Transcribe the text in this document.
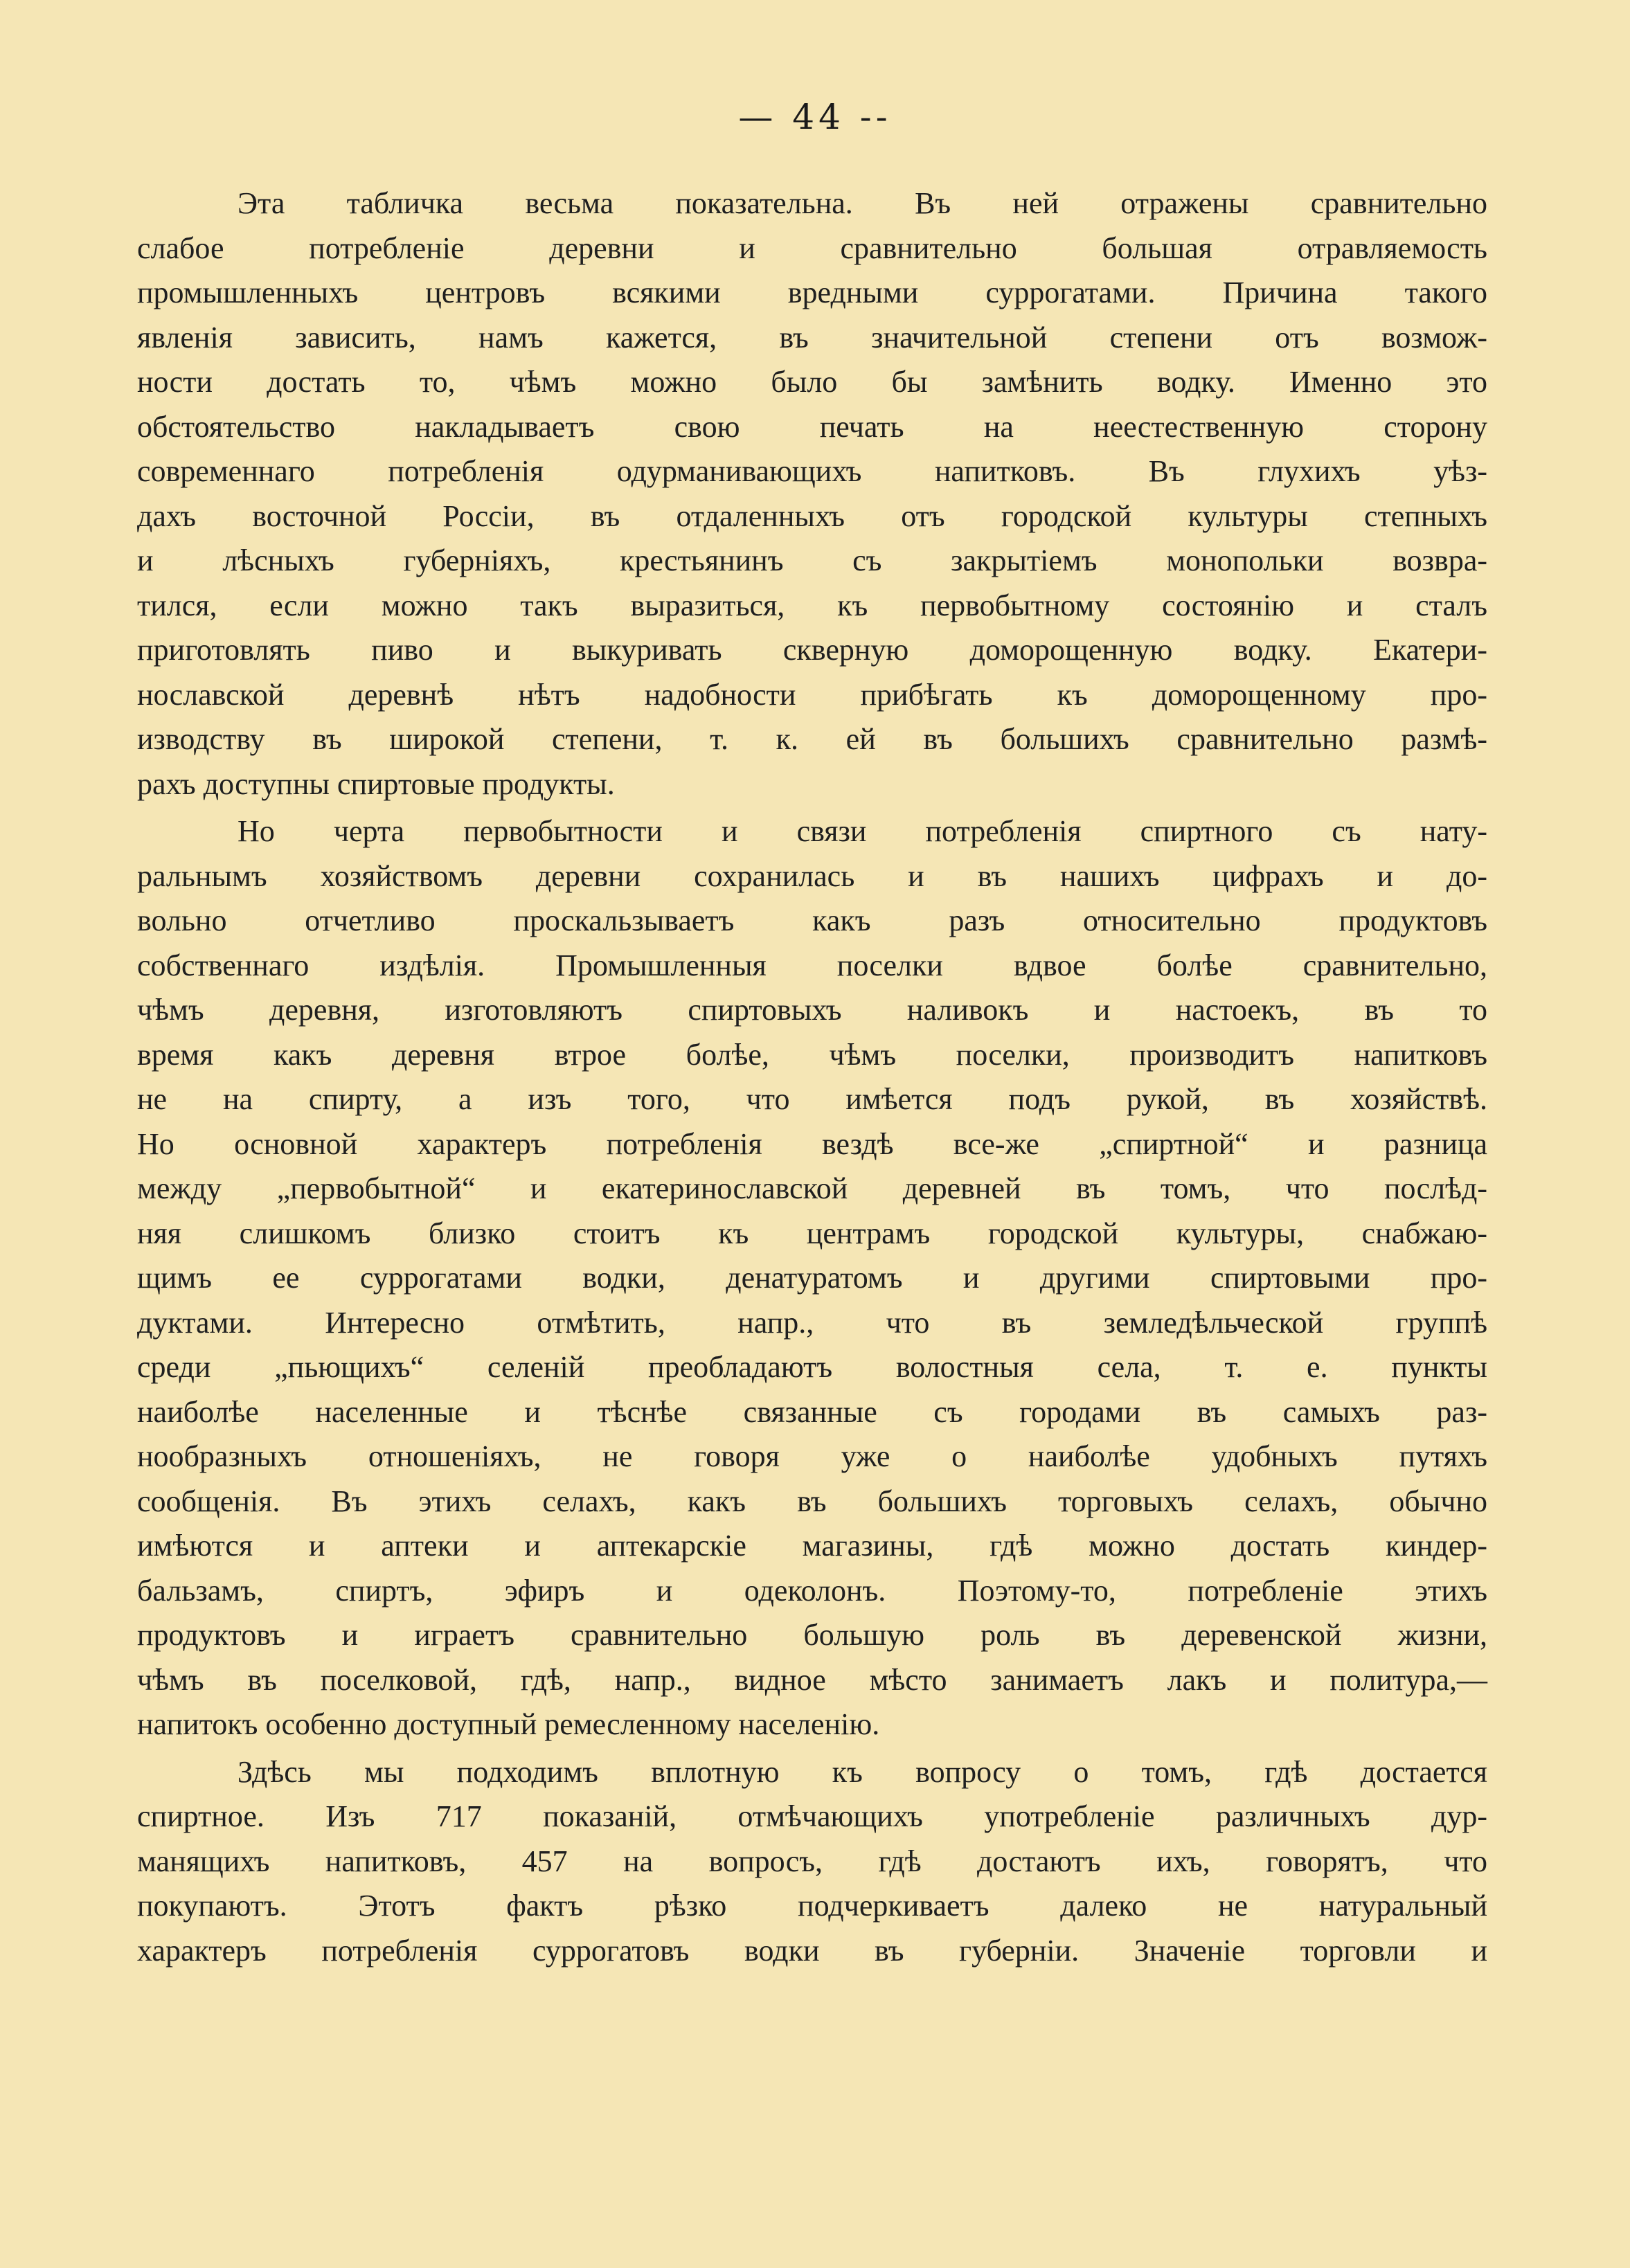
— 44 --
Эта табличка весьма показательна. Въ ней отражены сравнительно
слабое потребленіе деревни и сравнительно большая отравляемость
промышленныхъ центровъ всякими вредными суррогатами. Причина такого
явленія зависить, намъ кажется, въ значительной степени отъ возмож-
ности достать то, чѣмъ можно было бы замѣнить водку. Именно это
обстоятельство накладываетъ свою печать на неестественную сторону
современнаго потребленія одурманивающихъ напитковъ. Въ глухихъ уѣз-
дахъ восточной Россіи, въ отдаленныхъ отъ городской культуры степныхъ
и лѣсныхъ губерніяхъ, крестьянинъ съ закрытіемъ монопольки возвра-
тился, если можно такъ выразиться, къ первобытному состоянію и сталъ
приготовлять пиво и выкуривать скверную доморощенную водку. Екатери-
нославской деревнѣ нѣтъ надобности прибѣгать къ доморощенному про-
изводству въ широкой степени, т. к. ей въ большихъ сравнительно размѣ-
рахъ доступны спиртовые продукты.
Но черта первобытности и связи потребленія спиртного съ нату-
ральнымъ хозяйствомъ деревни сохранилась и въ нашихъ цифрахъ и до-
вольно отчетливо проскальзываетъ какъ разъ относительно продуктовъ
собственнаго издѣлія. Промышленныя поселки вдвое болѣе сравнительно,
чѣмъ деревня, изготовляютъ спиртовыхъ наливокъ и настоекъ, въ то
время какъ деревня втрое болѣе, чѣмъ поселки, производитъ напитковъ
не на спирту, а изъ того, что имѣется подъ рукой, въ хозяйствѣ.
Но основной характеръ потребленія вездѣ все-же „спиртной“ и разница
между „первобытной“ и екатеринославской деревней въ томъ, что послѣд-
няя слишкомъ близко стоитъ къ центрамъ городской культуры, снабжаю-
щимъ ее суррогатами водки, денатуратомъ и другими спиртовыми про-
дуктами. Интересно отмѣтить, напр., что въ земледѣльческой группѣ
среди „пьющихъ“ селеній преобладаютъ волостныя села, т. е. пункты
наиболѣе населенные и тѣснѣе связанные съ городами въ самыхъ раз-
нообразныхъ отношеніяхъ, не говоря уже о наиболѣе удобныхъ путяхъ
сообщенія. Въ этихъ селахъ, какъ въ большихъ торговыхъ селахъ, обычно
имѣются и аптеки и аптекарскіе магазины, гдѣ можно достать киндер-
бальзамъ, спиртъ, эфиръ и одеколонъ. Поэтому-то, потребленіе этихъ
продуктовъ и играетъ сравнительно большую роль въ деревенской жизни,
чѣмъ въ поселковой, гдѣ, напр., видное мѣсто занимаетъ лакъ и политура,—
напитокъ особенно доступный ремесленному населенію.
Здѣсь мы подходимъ вплотную къ вопросу о томъ, гдѣ достается
спиртное. Изъ 717 показаній, отмѣчающихъ употребленіе различныхъ дур-
манящихъ напитковъ, 457 на вопросъ, гдѣ достаютъ ихъ, говорятъ, что
покупаютъ. Этотъ фактъ рѣзко подчеркиваетъ далеко не натуральный
характеръ потребленія суррогатовъ водки въ губерніи. Значеніе торговли и
